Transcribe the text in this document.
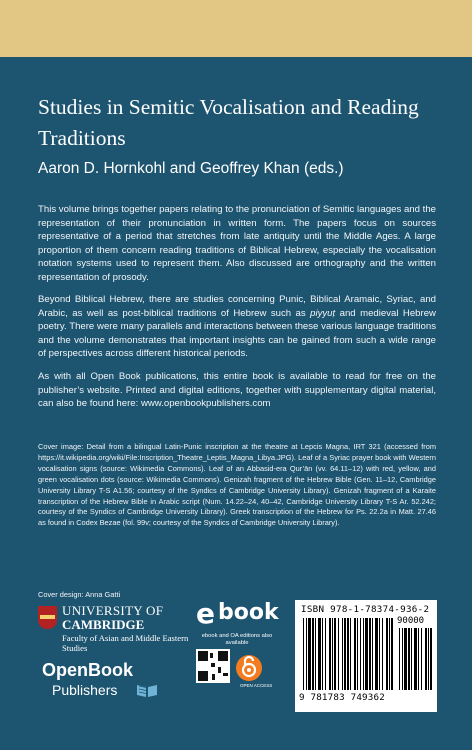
Studies in Semitic Vocalisation and Reading Traditions
Aaron D. Hornkohl and Geoffrey Khan (eds.)

This volume brings together papers relating to the pronunciation of Semitic languages and the representation of their pronunciation in written form. The papers focus on sources representative of a period that stretches from late antiquity until the Middle Ages. A large proportion of them concern reading traditions of Biblical Hebrew, especially the vocalisation notation systems used to represent them. Also discussed are orthography and the written representation of prosody.

Beyond Biblical Hebrew, there are studies concerning Punic, Biblical Aramaic, Syriac, and Arabic, as well as post-biblical traditions of Hebrew such as piyyuṭ and medieval Hebrew poetry. There were many parallels and interactions between these various language traditions and the volume demonstrates that important insights can be gained from such a wide range of perspectives across different historical periods.

As with all Open Book publications, this entire book is available to read for free on the publisher’s website. Printed and digital editions, together with supplementary digital material, can also be found here: www.openbookpublishers.com

Cover image: Detail from a bilingual Latin-Punic inscription at the theatre at Lepcis Magna, IRT 321 (accessed from https://it.wikipedia.org/wiki/File:Inscription_Theatre_Leptis_Magna_Libya.JPG). Leaf of a Syriac prayer book with Western vocalisation signs (source: Wikimedia Commons). Leaf of an Abbasid-era Qur’ān (vv. 64.11–12) with red, yellow, and green vocalisation dots (source: Wikimedia Commons). Genizah fragment of the Hebrew Bible (Gen. 11–12, Cambridge University Library T-S A1.56; courtesy of the Syndics of Cambridge University Library). Genizah fragment of a Karaite transcription of the Hebrew Bible in Arabic script (Num. 14.22–24, 40–42, Cambridge University Library T-S Ar. 52.242; courtesy of the Syndics of Cambridge University Library). Greek transcription of the Hebrew for Ps. 22.2a in Matt. 27.46 as found in Codex Bezae (fol. 99v; courtesy of the Syndics of Cambridge University Library).

Cover design: Anna Gatti

UNIVERSITY OF
CAMBRIDGE
Faculty of Asian and Middle Eastern Studies
OpenBook
Publishers
e book
ebook and OA editions also available
OPEN ACCESS
ISBN 978-1-78374-936-2
90000
9 781783 749362
